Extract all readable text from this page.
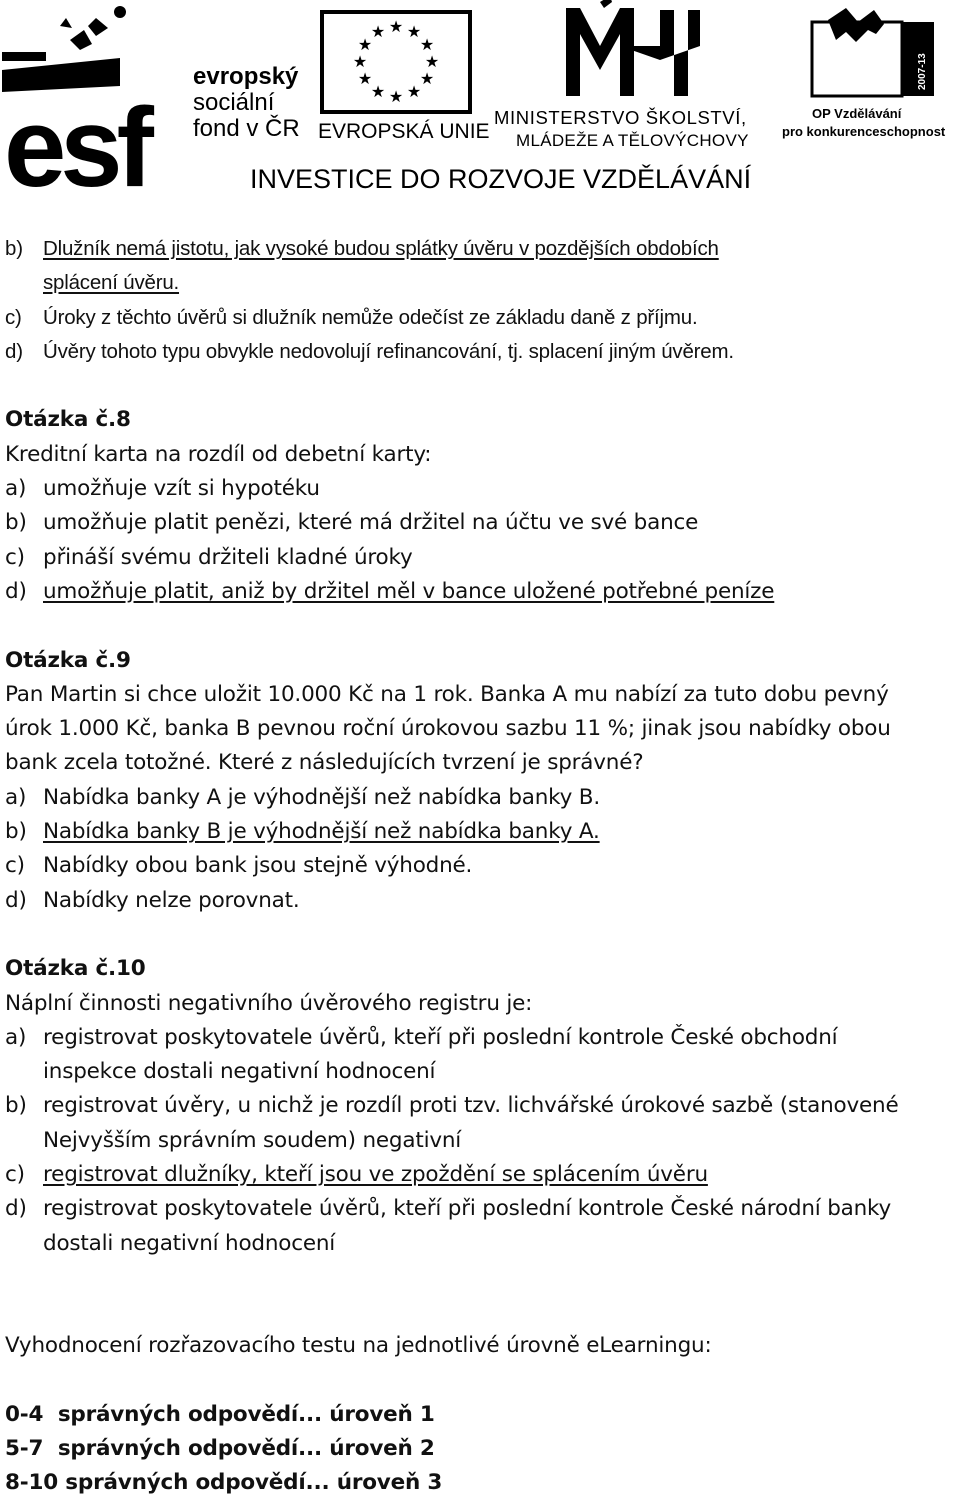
esf
evropský
sociální
fond v ČR
★ ★
★
★
★
★
★
★
★
★
★
★
EVROPSKÁ UNIE
MINISTERSTVO ŠKOLSTVÍ,
MLÁDEŽE A TĚLOVÝCHOVY
2007-13
OP Vzdělávání
pro konkurenceschopnost
INVESTICE DO ROZVOJE VZDĚLÁVÁNÍ
b) Dlužník nemá jistotu, jak vysoké budou splátky úvěru v pozdějších obdobích
splácení úvěru.
c) Úroky z těchto úvěrů si dlužník nemůže odečíst ze základu daně z příjmu.
d) Úvěry tohoto typu obvykle nedovolují refinancování, tj. splacení jiným úvěrem.
Otázka č.8
Kreditní karta na rozdíl od debetní karty:
a) umožňuje vzít si hypotéku
b) umožňuje platit penězi, které má držitel na účtu ve své bance
c) přináší svému držiteli kladné úroky
d) umožňuje platit, aniž by držitel měl v bance uložené potřebné peníze
Otázka č.9
Pan Martin si chce uložit 10.000 Kč na 1 rok. Banka A mu nabízí za tuto dobu pevný
úrok 1.000 Kč, banka B pevnou roční úrokovou sazbu 11 %; jinak jsou nabídky obou
bank zcela totožné. Které z následujících tvrzení je správné?
a) Nabídka banky A je výhodnější než nabídka banky B.
b) Nabídka banky B je výhodnější než nabídka banky A.
c) Nabídky obou bank jsou stejně výhodné.
d) Nabídky nelze porovnat.
Otázka č.10
Náplní činnosti negativního úvěrového registru je:
a) registrovat poskytovatele úvěrů, kteří při poslední kontrole České obchodní
inspekce dostali negativní hodnocení
b) registrovat úvěry, u nichž je rozdíl proti tzv. lichvářské úrokové sazbě (stanovené
Nejvyšším správním soudem) negativní
c) registrovat dlužníky, kteří jsou ve zpoždění se splácením úvěru
d) registrovat poskytovatele úvěrů, kteří při poslední kontrole České národní banky
dostali negativní hodnocení
Vyhodnocení rozřazovacího testu na jednotlivé úrovně eLearningu:
0-4  správných odpovědí... úroveň 1
5-7  správných odpovědí... úroveň 2
8-10 správných odpovědí... úroveň 3
